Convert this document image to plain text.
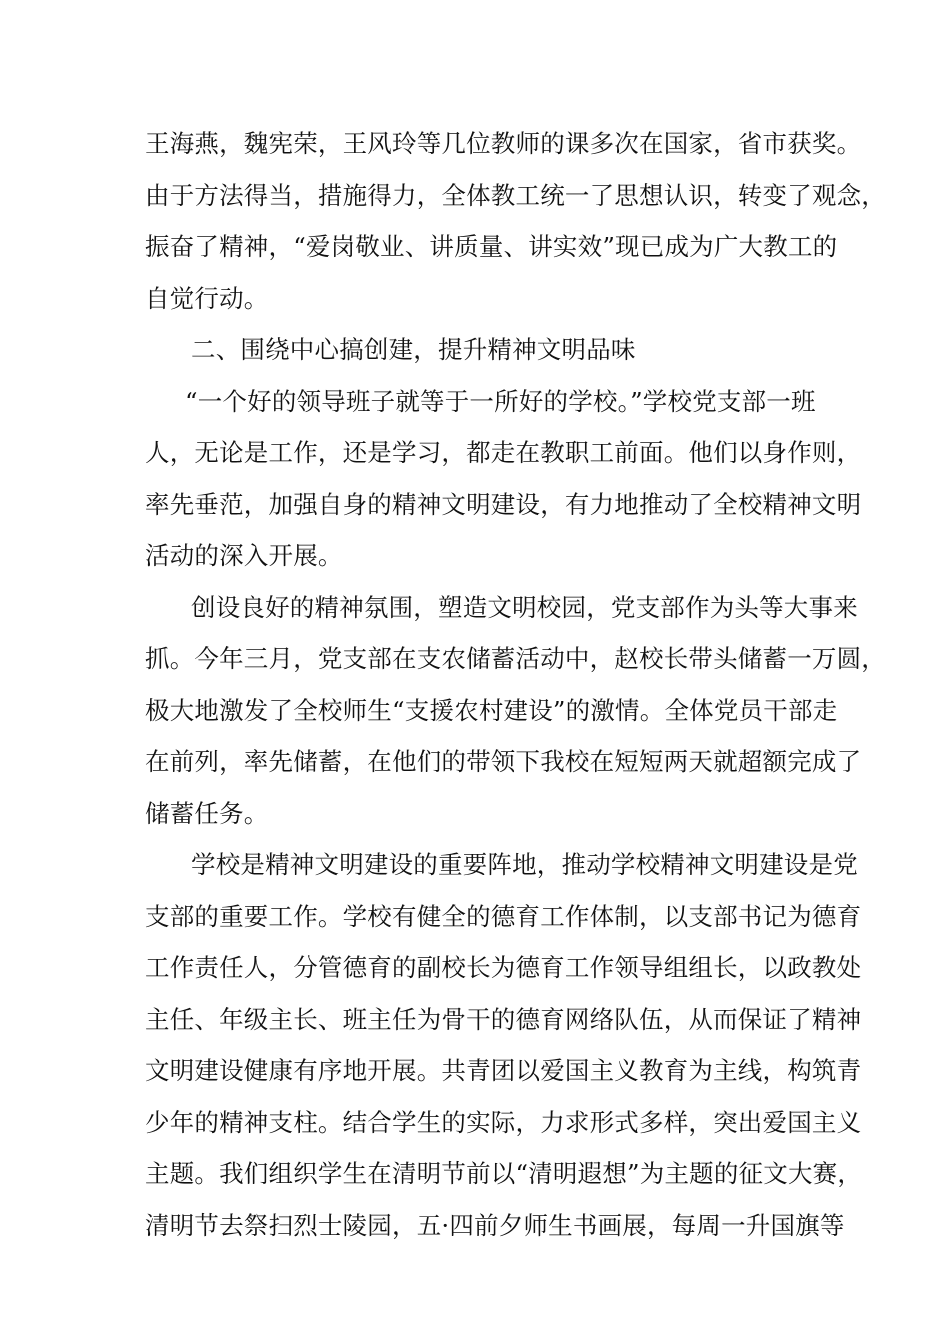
王海燕，魏宪荣，王风玲等几位教师的课多次在国家，省市获奖。
由于方法得当，措施得力，全体教工统一了思想认识，转变了观念，
振奋了精神，“爱岗敬业、讲质量、讲实效”现已成为广大教工的
自觉行动。
二、围绕中心搞创建，提升精神文明品味
“一个好的领导班子就等于一所好的学校。”学校党支部一班
人，无论是工作，还是学习，都走在教职工前面。他们以身作则，
率先垂范，加强自身的精神文明建设，有力地推动了全校精神文明
活动的深入开展。
创设良好的精神氛围，塑造文明校园，党支部作为头等大事来
抓。今年三月，党支部在支农储蓄活动中，赵校长带头储蓄一万圆，
极大地激发了全校师生“支援农村建设”的激情。全体党员干部走
在前列，率先储蓄，在他们的带领下我校在短短两天就超额完成了
储蓄任务。
学校是精神文明建设的重要阵地，推动学校精神文明建设是党
支部的重要工作。学校有健全的德育工作体制，以支部书记为德育
工作责任人，分管德育的副校长为德育工作领导组组长，以政教处
主任、年级主长、班主任为骨干的德育网络队伍，从而保证了精神
文明建设健康有序地开展。共青团以爱国主义教育为主线，构筑青
少年的精神支柱。结合学生的实际，力求形式多样，突出爱国主义
主题。我们组织学生在清明节前以“清明遐想”为主题的征文大赛，
清明节去祭扫烈士陵园，五·四前夕师生书画展，每周一升国旗等
